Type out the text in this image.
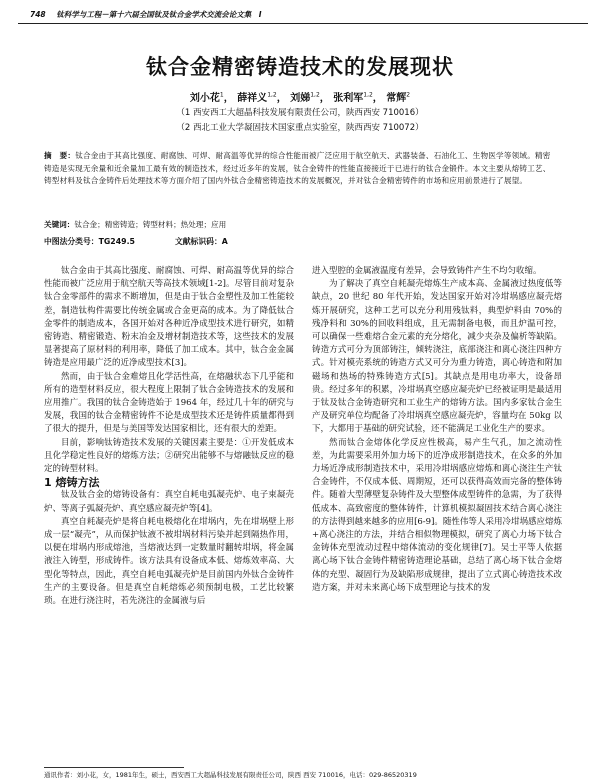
748 钛科学与工程－第十六届全国钛及钛合金学术交流会论文集　Ⅰ
钛合金精密铸造技术的发展现状
刘小花$^1$， 薛祥义$^{1,2}$， 刘娣$^{1,2}$， 张利军$^{1,2}$， 常辉$^2$
（1 西安西工大超晶科技发展有限责任公司，陕西西安 710016）
（2 西北工业大学凝固技术国家重点实验室，陕西西安 710072）
摘　要：钛合金由于其高比强度、耐腐蚀、可焊、耐高温等优异的综合性能而被广泛应用于航空航天、武器装备、石油化工、生物医学等领域。精密铸造是实现无余量和近余量加工最有效的制造技术，经过近多年的发展，钛合金铸件的性能直接接近于已进行的钛合金锻件。本文主要从熔铸工艺、铸型材料及钛合金铸件后处理技术等方面介绍了国内外钛合金精密铸造技术的发展概况，并对钛合金精密铸件的市场和应用前景进行了展望。
关键词：钛合金；精密铸造；铸型材料；热处理；应用
中图法分类号：TG249.5	文献标识码：A

钛合金由于其高比强度、耐腐蚀、可焊、耐高温等优异的综合性能而被广泛应用于航空航天等高技术领域[1-2]。尽管目前对复杂钛合金零部件的需求不断增加，但是由于钛合金塑性及加工性能较差，制造钛构件需要比传统金属或合金更高的成本。为了降低钛合金零件的制造成本，各国开始对各种近净成型技术进行研究，如精密铸造、精密锻造、粉末冶金及增材制造技术等，这些技术的发展显著提高了原材料的利用率，降低了加工成本。其中，钛合金金属铸造是应用最广泛的近净成型技术[3]。

然而，由于钛合金难熔且化学活性高，在熔融状态下几乎能和所有的造型材料反应，很大程度上限制了钛合金铸造技术的发展和应用推广。我国的钛合金铸造始于 1964 年，经过几十年的研究与发展，我国的钛合金精密铸件不论是成型技术还是铸件质量都得到了很大的提升，但是与美国等发达国家相比，还有很大的差距。

目前，影响钛铸造技术发展的关键因素主要是：①开发低成本且化学稳定性良好的熔炼方法；②研究出能够不与熔融钛反应的稳定的铸型材料。

1 熔铸方法

钛及钛合金的熔铸设备有：真空自耗电弧凝壳炉、电子束凝壳炉、等离子弧凝壳炉、真空感应凝壳炉等[4]。

真空自耗凝壳炉是将自耗电极熔化在坩埚内，先在坩埚壁上形成一层“凝壳”，从而保护钛液不被坩埚材料污染并起到隔热作用，以便在坩埚内形成熔池，当熔液达到一定数量时翻转坩埚，将金属液注入铸型，形成铸件。该方法具有设备成本低、熔炼效率高、大型化等特点，因此，真空自耗电弧凝壳炉是目前国内外钛合金铸件生产的主要设备。但是真空自耗熔炼必须预制电极，工艺比较繁琐。在进行浇注时，若先浇注的金属液与后

进入型腔的金属液温度有差异，会导致铸件产生不均匀收缩。

为了解决了真空自耗凝壳熔炼生产成本高、金属液过热度低等缺点，20 世纪 80 年代开始，发达国家开始对冷坩埚感应凝壳熔炼开展研究，这种工艺可以充分利用残钛料，典型炉料由 70%的残净料和 30%的回收料组成，且无需制备电极，而且炉温可控，可以确保一些难熔合金元素的充分熔化，减少夹杂及偏析等缺陷。铸造方式可分为顶部铸注，倾转浇注，底部浇注和离心浇注四种方式。针对模壳系统的铸造方式又可分为重力铸造，离心铸造和附加磁场和热场的特殊铸造方式[5]。其缺点是用电功率大，设备昂贵。经过多年的积累，冷坩埚真空感应凝壳炉已经被证明是最适用于钛及钛合金铸造研究和工业生产的熔铸方法。国内多家钛合金生产及研究单位均配备了冷坩埚真空感应凝壳炉，容量均在 50kg 以下，大都用于基础的研究试验，还不能满足工业化生产的要求。

然而钛合金熔体化学反应性极高，易产生气孔，加之流动性差，为此需要采用外加力场下的近净成形制造技术，在众多的外加力场近净成形制造技术中，采用冷坩埚感应熔炼和离心浇注生产钛合金铸件，不仅成本低、周期短，还可以获得高效而完备的整体铸件。随着大型薄壁复杂铸件及大型整体成型铸件的急需，为了获得低成本、高致密度的整体铸件，计算机模拟凝固技术结合离心浇注的方法得到越来越多的应用[6-9]。随性伟等人采用冷坩埚感应熔炼+离心浇注的方法，并结合相似物理模拟，研究了离心力场下钛合金铸体充型流动过程中熔体流动的变化规律[7]。吴士平等人依据离心场下钛合金铸件精密铸造理论基础，总结了离心场下钛合金熔体的充型、凝固行为及缺陷形成规律，提出了立式离心铸造技术改造方案，并对未来离心场下成型理论与技术的发

通讯作者：刘小花，女，1981年生，硕士，西安西工大超晶科技发展有限责任公司，陕西 西安 710016，电话：029-86520319
